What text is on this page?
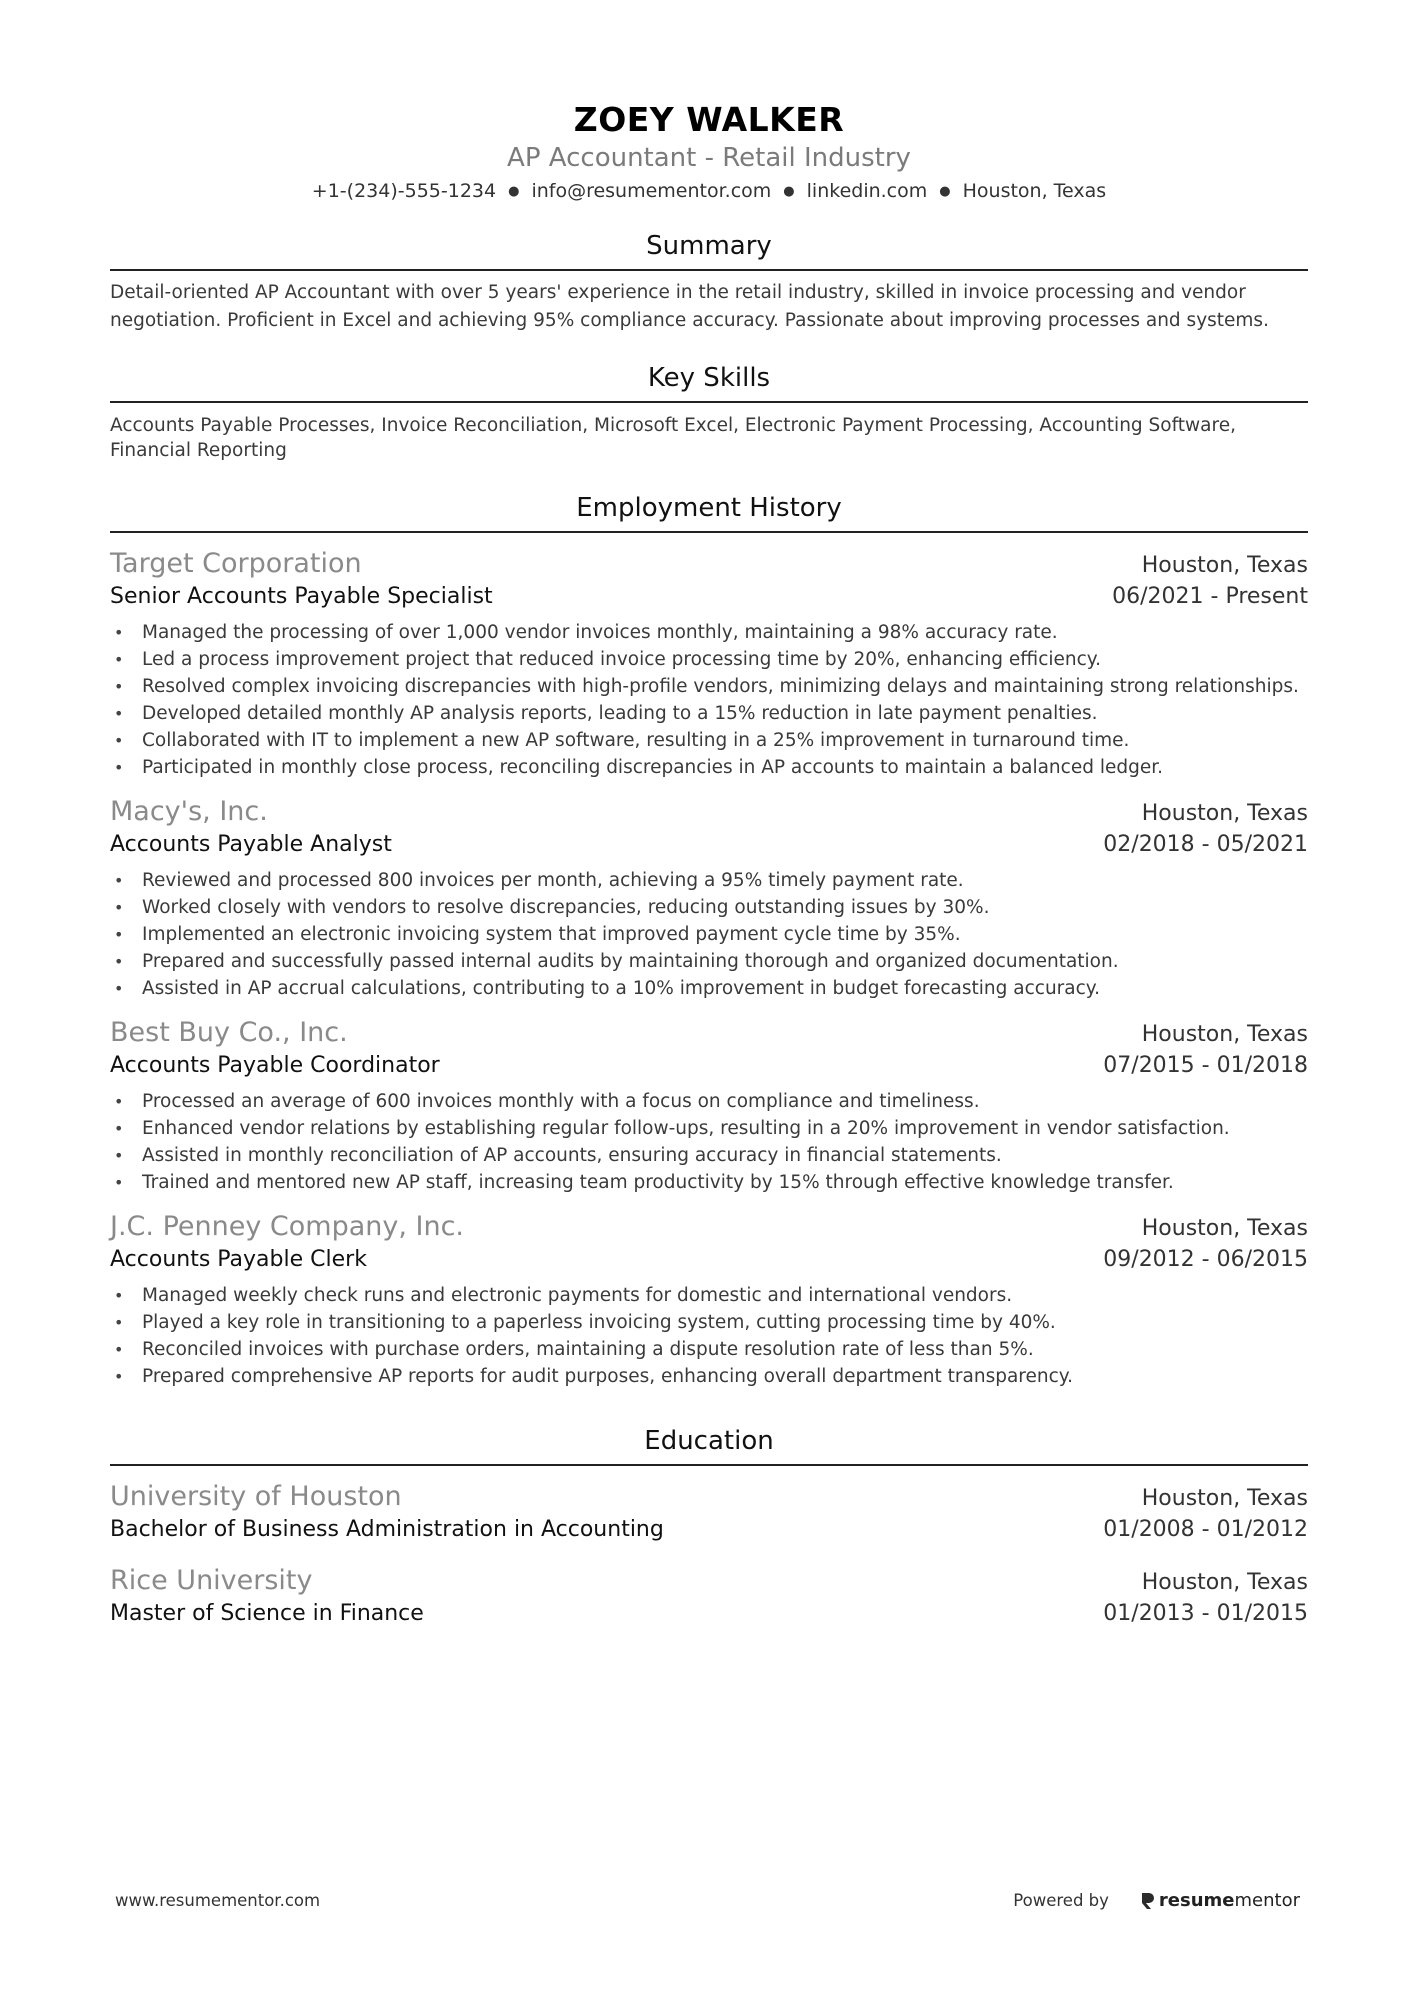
ZOEY WALKER
AP Accountant - Retail Industry
+1-(234)-555-1234 ● info@resumementor.com ● linkedin.com ● Houston, Texas
Summary
Detail-oriented AP Accountant with over 5 years' experience in the retail industry, skilled in invoice processing and vendor negotiation. Proficient in Excel and achieving 95% compliance accuracy. Passionate about improving processes and systems.
Key Skills
Accounts Payable Processes, Invoice Reconciliation, Microsoft Excel, Electronic Payment Processing, Accounting Software, Financial Reporting
Employment History
Target Corporation	Houston, Texas
Senior Accounts Payable Specialist	06/2021 - Present
• Managed the processing of over 1,000 vendor invoices monthly, maintaining a 98% accuracy rate.
• Led a process improvement project that reduced invoice processing time by 20%, enhancing efficiency.
• Resolved complex invoicing discrepancies with high-profile vendors, minimizing delays and maintaining strong relationships.
• Developed detailed monthly AP analysis reports, leading to a 15% reduction in late payment penalties.
• Collaborated with IT to implement a new AP software, resulting in a 25% improvement in turnaround time.
• Participated in monthly close process, reconciling discrepancies in AP accounts to maintain a balanced ledger.
Macy's, Inc.	Houston, Texas
Accounts Payable Analyst	02/2018 - 05/2021
• Reviewed and processed 800 invoices per month, achieving a 95% timely payment rate.
• Worked closely with vendors to resolve discrepancies, reducing outstanding issues by 30%.
• Implemented an electronic invoicing system that improved payment cycle time by 35%.
• Prepared and successfully passed internal audits by maintaining thorough and organized documentation.
• Assisted in AP accrual calculations, contributing to a 10% improvement in budget forecasting accuracy.
Best Buy Co., Inc.	Houston, Texas
Accounts Payable Coordinator	07/2015 - 01/2018
• Processed an average of 600 invoices monthly with a focus on compliance and timeliness.
• Enhanced vendor relations by establishing regular follow-ups, resulting in a 20% improvement in vendor satisfaction.
• Assisted in monthly reconciliation of AP accounts, ensuring accuracy in financial statements.
• Trained and mentored new AP staff, increasing team productivity by 15% through effective knowledge transfer.
J.C. Penney Company, Inc.	Houston, Texas
Accounts Payable Clerk	09/2012 - 06/2015
• Managed weekly check runs and electronic payments for domestic and international vendors.
• Played a key role in transitioning to a paperless invoicing system, cutting processing time by 40%.
• Reconciled invoices with purchase orders, maintaining a dispute resolution rate of less than 5%.
• Prepared comprehensive AP reports for audit purposes, enhancing overall department transparency.
Education
University of Houston	Houston, Texas
Bachelor of Business Administration in Accounting	01/2008 - 01/2012
Rice University	Houston, Texas
Master of Science in Finance	01/2013 - 01/2015
www.resumementor.com	Powered by	resume mentor
